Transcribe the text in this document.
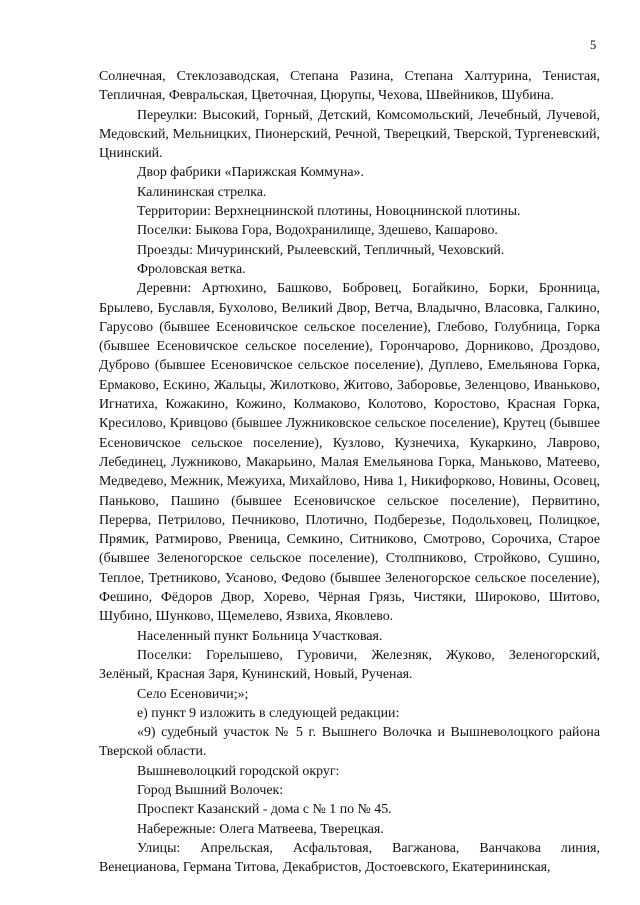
5

Солнечная, Стеклозаводская, Степана Разина, Степана Халтурина, Тенистая, Тепличная, Февральская, Цветочная, Цюрупы, Чехова, Швейников, Шубина.

Переулки: Высокий, Горный, Детский, Комсомольский, Лечебный, Лучевой, Медовский, Мельницких, Пионерский, Речной, Тверецкий, Тверской, Тургеневский, Цнинский.

Двор фабрики «Парижская Коммуна».

Калининская стрелка.

Территории: Верхнецнинской плотины, Новоцнинской плотины.

Поселки: Быкова Гора, Водохранилище, Здешево, Кашарово.

Проезды: Мичуринский, Рылеевский, Тепличный, Чеховский.

Фроловская ветка.

Деревни: Артюхино, Башково, Бобровец, Богайкино, Борки, Бронница, Брылево, Буславля, Бухолово, Великий Двор, Ветча, Владычно, Власовка, Галкино, Гарусово (бывшее Есеновичское сельское поселение), Глебово, Голубница, Горка (бывшее Есеновичское сельское поселение), Горончарово, Дорниково, Дроздово, Дуброво (бывшее Есеновичское сельское поселение), Дуплево, Емельянова Горка, Ермаково, Ескино, Жальцы, Жилотково, Житово, Заборовье, Зеленцово, Иваньково, Игнатиха, Кожакино, Кожино, Колмаково, Колотово, Коростово, Красная Горка, Кресилово, Кривцово (бывшее Лужниковское сельское поселение), Крутец (бывшее Есеновичское сельское поселение), Кузлово, Кузнечиха, Кукаркино, Лаврово, Лебединец, Лужниково, Макарьино, Малая Емельянова Горка, Маньково, Матеево, Медведево, Межник, Межуиха, Михайлово, Нива 1, Никифорково, Новины, Осовец, Паньково, Пашино (бывшее Есеновичское сельское поселение), Первитино, Перерва, Петрилово, Печниково, Плотично, Подберезье, Подольховец, Полицкое, Прямик, Ратмирово, Рвеница, Семкино, Ситниково, Смотрово, Сорочиха, Старое (бывшее Зеленогорское сельское поселение), Столпниково, Стройково, Сушино, Теплое, Третниково, Усаново, Федово (бывшее Зеленогорское сельское поселение), Фешино, Фёдоров Двор, Хорево, Чёрная Грязь, Чистяки, Широково, Шитово, Шубино, Шунково, Щемелево, Язвиха, Яковлево.

Населенный пункт Больница Участковая.

Поселки: Горелышево, Гуровичи, Железняк, Жуково, Зеленогорский, Зелёный, Красная Заря, Кунинский, Новый, Рученая.

Село Есеновичи;»;

е) пункт 9 изложить в следующей редакции:

«9) судебный участок № 5 г. Вышнего Волочка и Вышневолоцкого района Тверской области.

Вышневолоцкий городской округ:

Город Вышний Волочек:

Проспект Казанский - дома с № 1 по № 45.

Набережные: Олега Матвеева, Тверецкая.

Улицы: Апрельская, Асфальтовая, Вагжанова, Ванчакова линия, Венецианова, Германа Титова, Декабристов, Достоевского, Екатерининская,
